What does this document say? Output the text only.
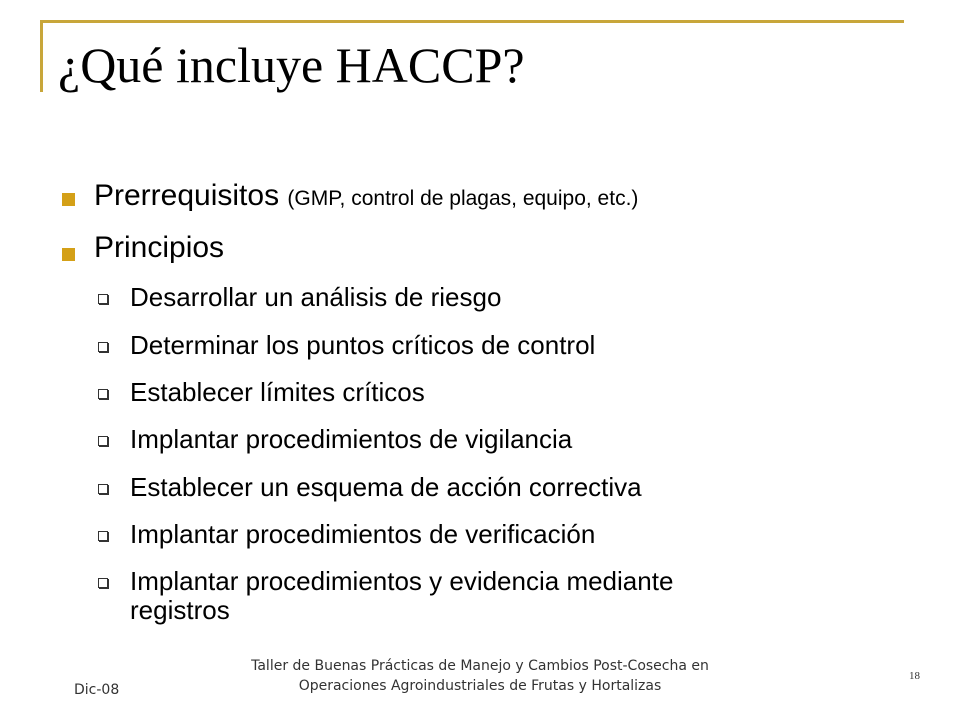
¿Qué incluye HACCP?
Prerrequisitos (GMP, control de plagas, equipo, etc.)
Principios
Desarrollar un análisis de riesgo
Determinar los puntos críticos de control
Establecer límites críticos
Implantar procedimientos de vigilancia
Establecer un esquema de acción correctiva
Implantar procedimientos de verificación
Implantar procedimientos y evidencia mediante
registros
Dic-08
Taller de Buenas Prácticas de Manejo y Cambios Post-Cosecha en
Operaciones Agroindustriales de Frutas y Hortalizas
18
